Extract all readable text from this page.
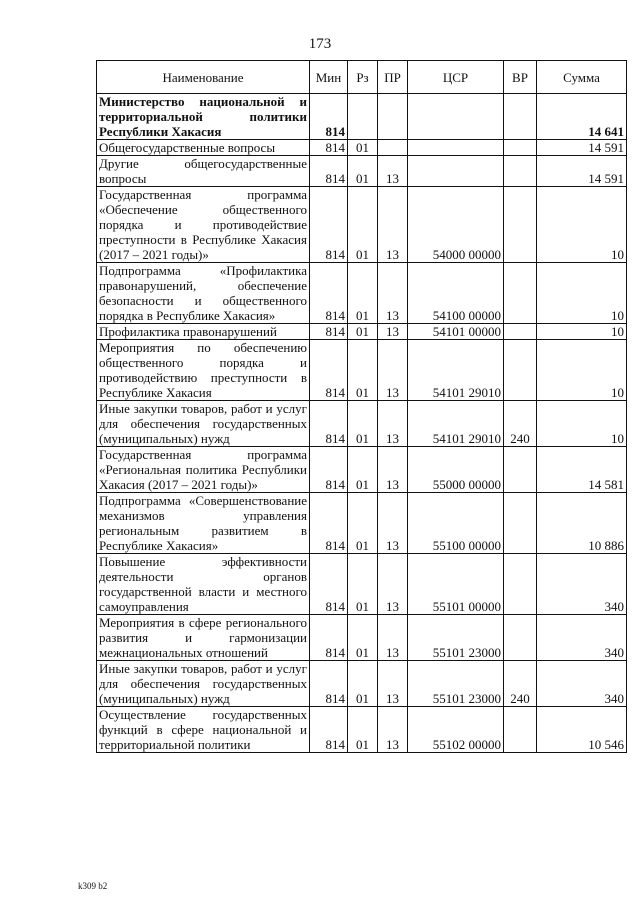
173
Наименование	Мин	Рз	ПР	ЦСР	ВР	Сумма
Министерство национальной и территориальной политики Республики Хакасия	814					14 641
Общегосударственные вопросы	814	01				14 591
Другие общегосударственные вопросы	814	01	13			14 591
Государственная программа «Обеспечение общественного порядка и противодействие преступности в Республике Хакасия (2017 – 2021 годы)»	814	01	13	54000 00000		10
Подпрограмма «Профилактика правонарушений, обеспечение безопасности и общественного порядка в Республике Хакасия»	814	01	13	54100 00000		10
Профилактика правонарушений	814	01	13	54101 00000		10
Мероприятия по обеспечению общественного порядка и противодействию преступности в Республике Хакасия	814	01	13	54101 29010		10
Иные закупки товаров, работ и услуг для обеспечения государственных (муниципальных) нужд	814	01	13	54101 29010	240	10
Государственная программа «Региональная политика Республики Хакасия (2017 – 2021 годы)»	814	01	13	55000 00000		14 581
Подпрограмма «Совершенствование механизмов управления региональным развитием в Республике Хакасия»	814	01	13	55100 00000		10 886
Повышение эффективности деятельности органов государственной власти и местного самоуправления	814	01	13	55101 00000		340
Мероприятия в сфере регионального развития и гармонизации межнациональных отношений	814	01	13	55101 23000		340
Иные закупки товаров, работ и услуг для обеспечения государственных (муниципальных) нужд	814	01	13	55101 23000	240	340
Осуществление государственных функций в сфере национальной и территориальной политики	814	01	13	55102 00000		10 546
k309 b2
